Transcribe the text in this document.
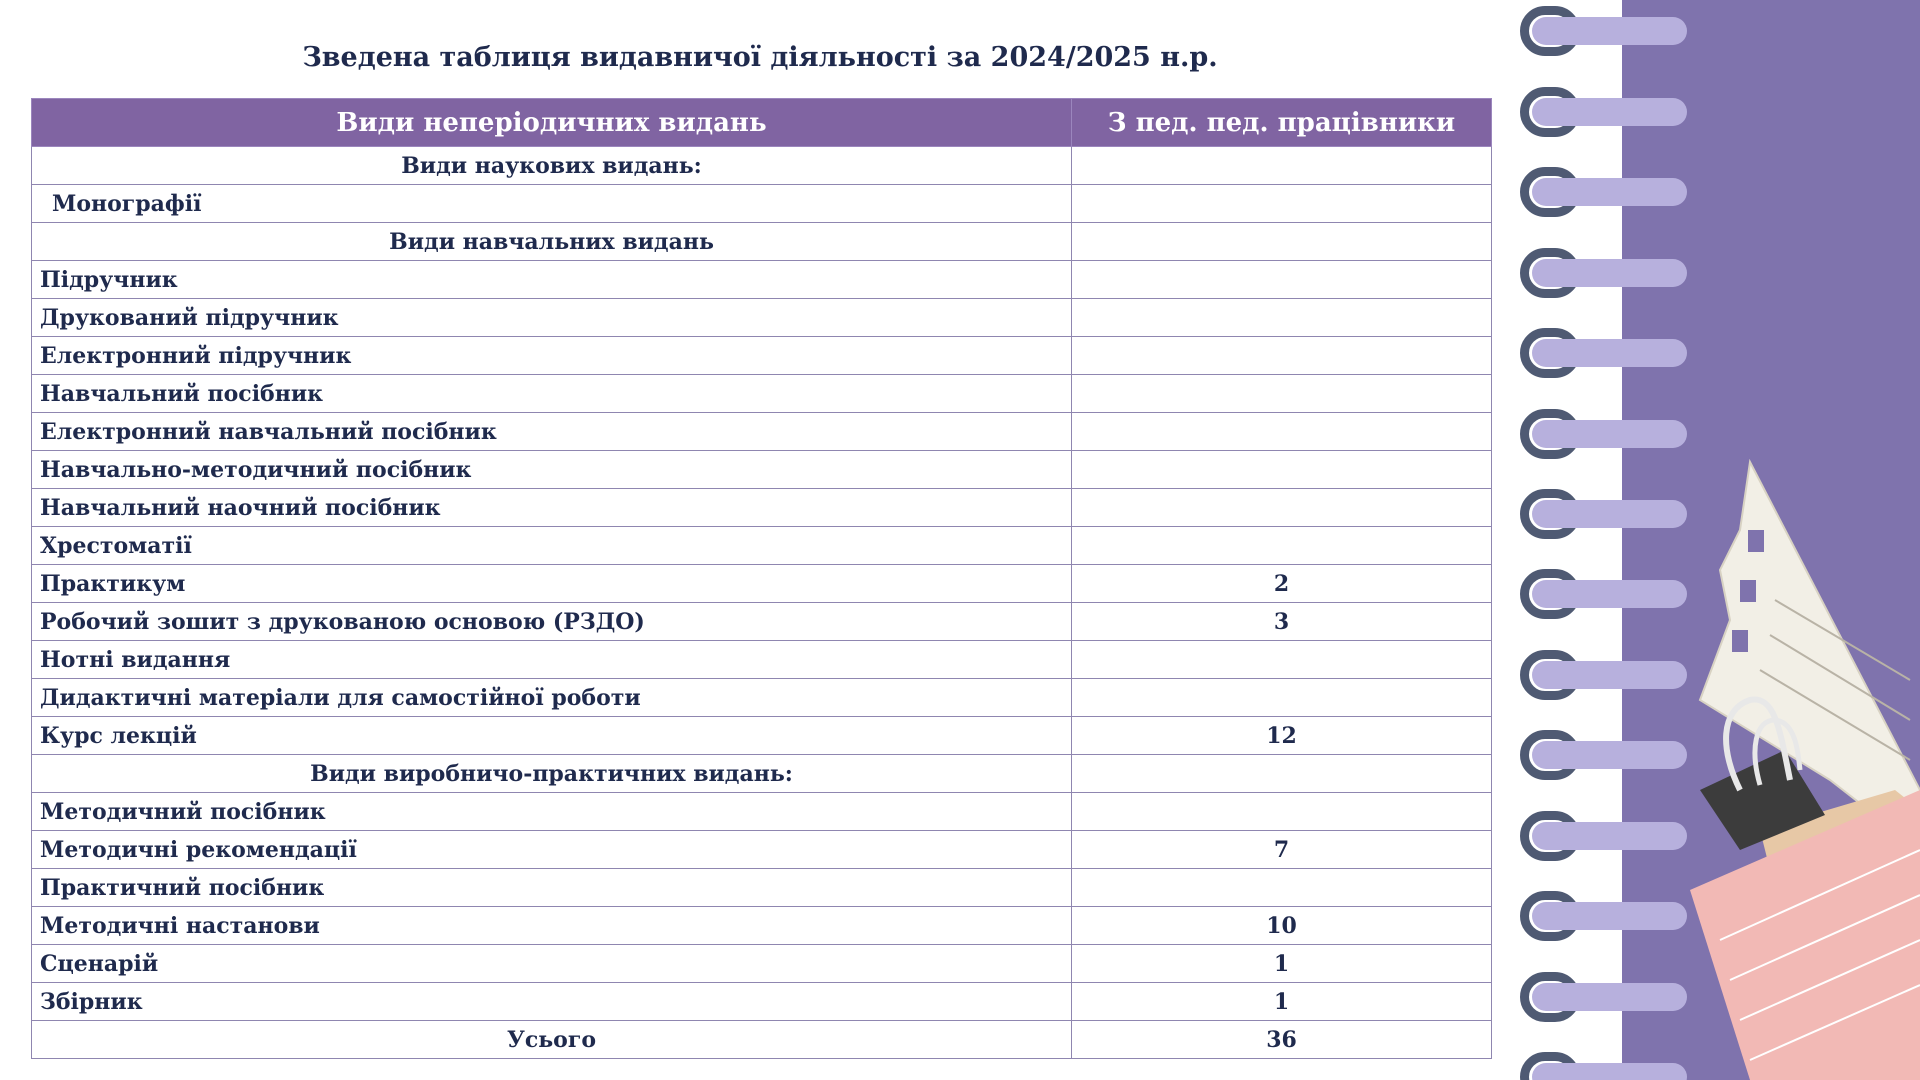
Зведена таблиця видавничої діяльності за 2024/2025 н.р.
Види неперіодичних видань	З пед. пед. працівники
Види наукових видань:	
Монографії	
Види навчальних видань	
Підручник	
Друкований підручник	
Електронний підручник	
Навчальний посібник	
Електронний навчальний посібник	
Навчально-методичний посібник	
Навчальний наочний посібник	
Хрестоматії	
Практикум	2
Робочий зошит з друкованою основою (РЗДО)	3
Нотні видання	
Дидактичні матеріали для самостійної роботи	
Курс лекцій	12
Види виробничо-практичних видань:	
Методичний посібник	
Методичні рекомендації	7
Практичний посібник	
Методичні настанови	10
Сценарій	1
Збірник	1
Усього	36
